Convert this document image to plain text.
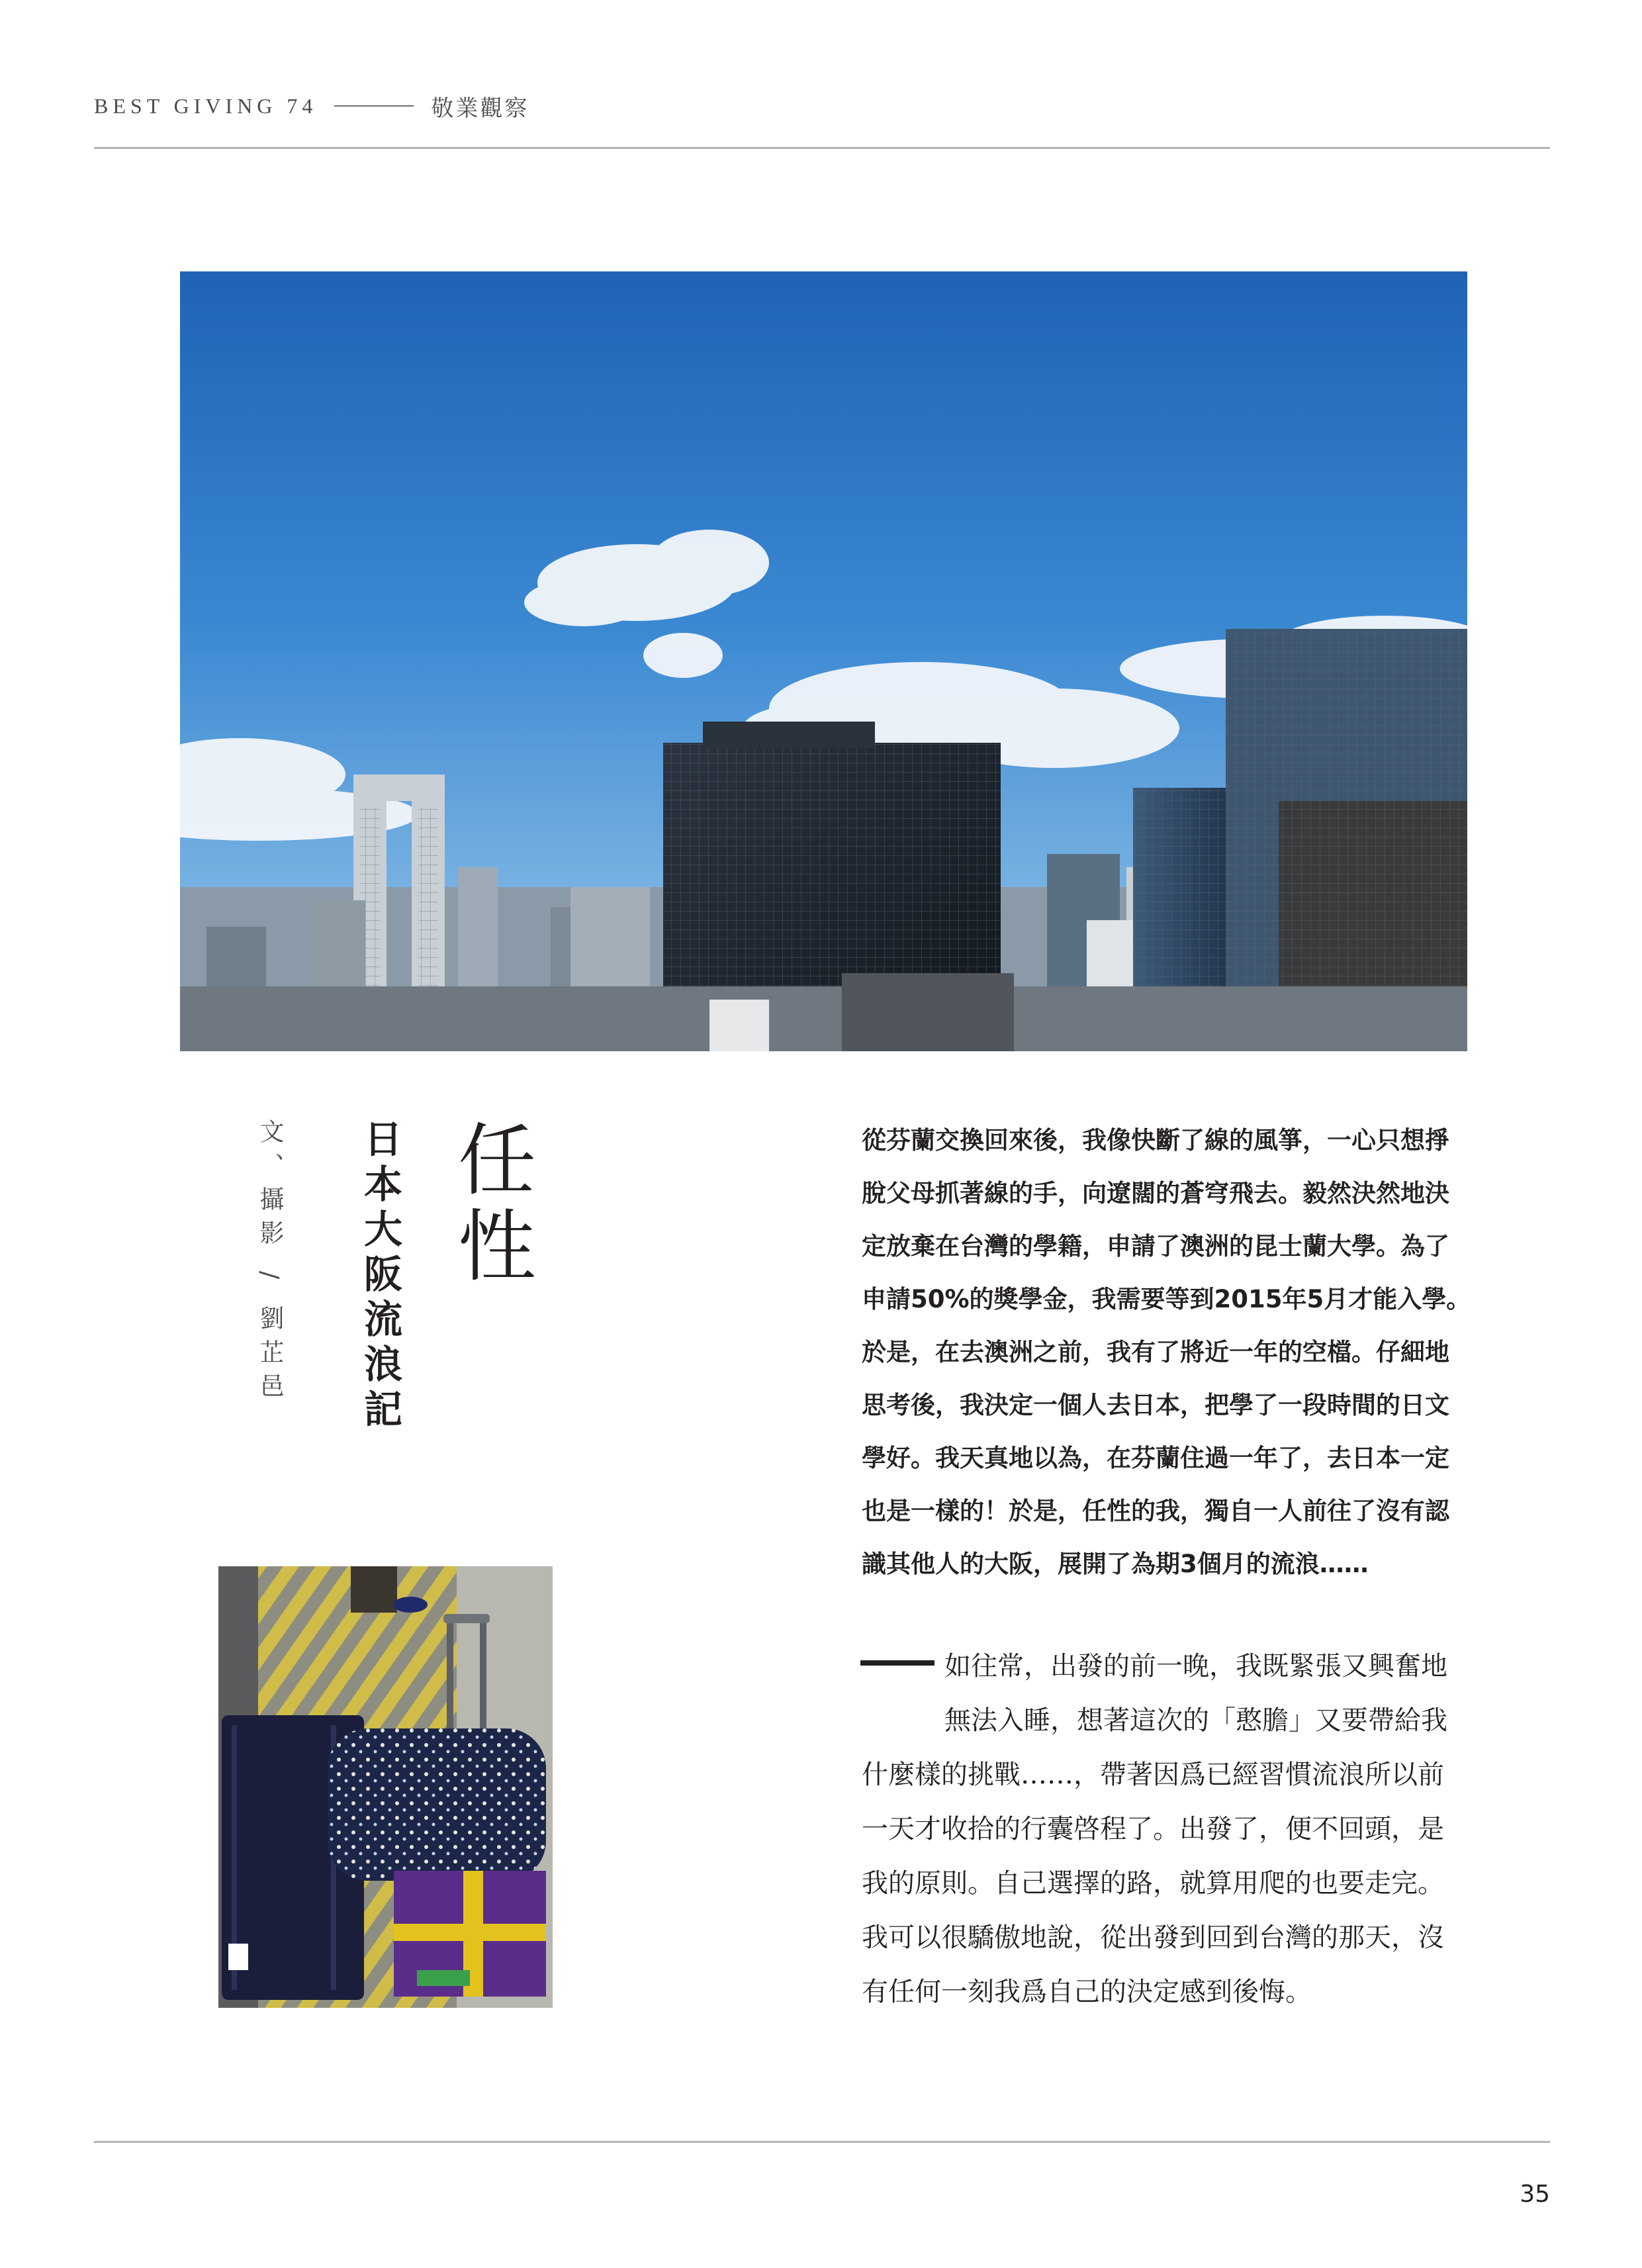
BEST GIVING 74	敬業觀察
任性
日本大阪流浪記
文、攝影 / 劉芷邑	從芬蘭交換回來後，我像快斷了線的風箏，一心只想掙
脫父母抓著線的手，向遼闊的蒼穹飛去。毅然決然地決
定放棄在台灣的學籍，申請了澳洲的昆士蘭大學。為了
申請50%的獎學金，我需要等到2015年5月才能入學。
於是，在去澳洲之前，我有了將近一年的空檔。仔細地
思考後，我決定一個人去日本，把學了一段時間的日文
學好。我天真地以為，在芬蘭住過一年了，去日本一定
也是一樣的！於是，任性的我，獨自一人前往了沒有認
識其他人的大阪，展開了為期3個月的流浪……
如往常，出發的前一晚，我既緊張又興奮地
無法入睡，想著這次的「憨膽」又要帶給我
什麼樣的挑戰……，帶著因爲已經習慣流浪所以前
一天才收拾的行囊啓程了。出發了，便不回頭，是
我的原則。自己選擇的路，就算用爬的也要走完。
我可以很驕傲地說，從出發到回到台灣的那天，沒
有任何一刻我爲自己的決定感到後悔。
35
